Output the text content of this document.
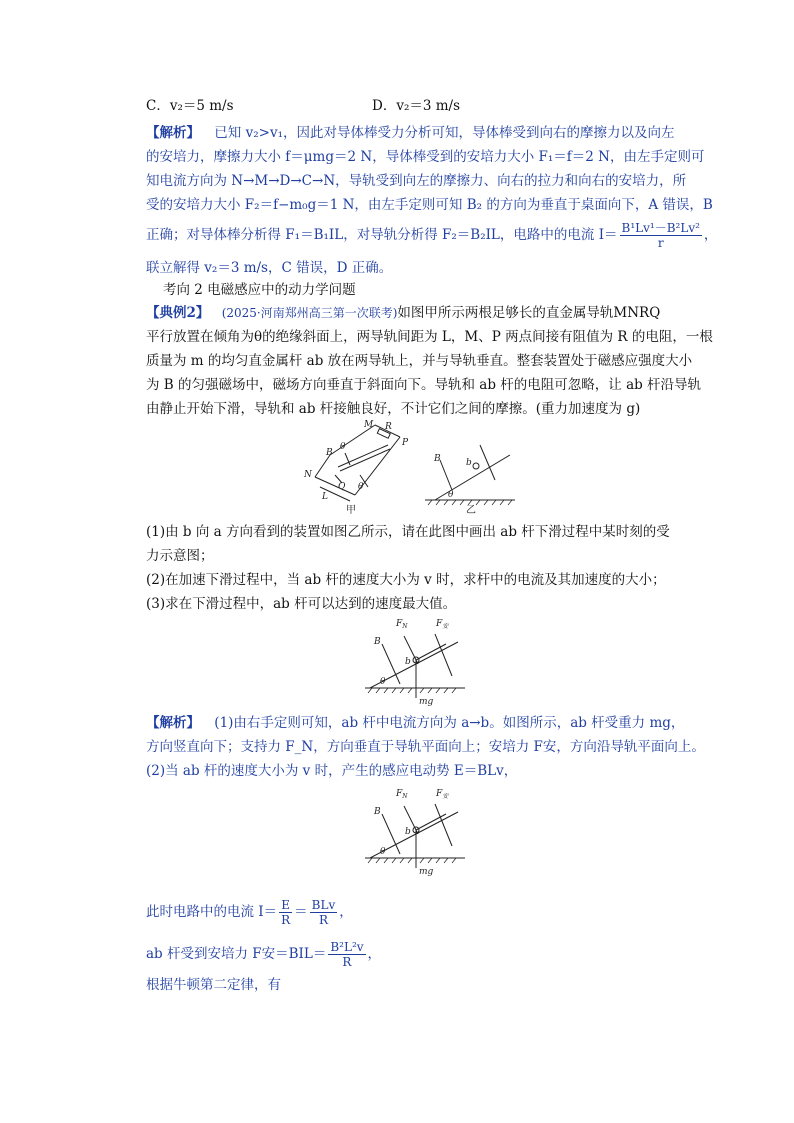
C．v₂＝5 m/s	D．v₂＝3 m/s
【解析】 已知 v₂>v₁，因此对导体棒受力分析可知，导体棒受到向右的摩擦力以及向左
的安培力，摩擦力大小 f＝μmg＝2 N，导体棒受到的安培力大小 F₁＝f＝2 N，由左手定则可
知电流方向为 N→M→D→C→N，导轨受到向左的摩擦力、向右的拉力和向右的安培力，所
受的安培力大小 F₂＝f−m₀g＝1 N，由左手定则可知 B₂ 的方向为垂直于桌面向下，A 错误，B
正确；对导体棒分析得 F₁＝B₁IL，对导轨分析得 F₂＝B₂IL，电路中的电流 $I= \frac{\text{B¹Lv¹－B²Lv²}}{r}$ ，
联立解得 v₂＝3 m/s，C 错误，D 正确。
考向 2 电磁感应中的动力学问题
【典例2】 (2025·河南郑州高三第一次联考)如图甲所示两根足够长的直金属导轨MNRQ
平行放置在倾角为θ的绝缘斜面上，两导轨间距为 L，M、P 两点间接有阻值为 R 的电阻，一根
质量为 m 的均匀直金属杆 ab 放在两导轨上，并与导轨垂直。整套装置处于磁感应强度大小
为 B 的匀强磁场中，磁场方向垂直于斜面向下。导轨和 ab 杆的电阻可忽略，让 ab 杆沿导轨
由静止开始下滑，导轨和 ab 杆接触良好，不计它们之间的摩擦。(重力加速度为 g)
M R
P
B
θ
N
L
Q θ
甲
B	b
θ
乙
(1)由 b 向 a 方向看到的装置如图乙所示，请在此图中画出 ab 杆下滑过程中某时刻的受
力示意图；
(2)在加速下滑过程中，当 ab 杆的速度大小为 v 时，求杆中的电流及其加速度的大小；
(3)求在下滑过程中，ab 杆可以达到的速度最大值。
$F_N$	$F_安$
B
b
θ
mg
【解析】 (1)由右手定则可知，ab 杆中电流方向为 a→b。如图所示，ab 杆受重力 mg，
方向竖直向下；支持力 F_N，方向垂直于导轨平面向上；安培力 F安，方向沿导轨平面向上。
(2)当 ab 杆的速度大小为 v 时，产生的感应电动势 E＝BLv，
$F_N$	$F_安$
B
b
θ
mg
此时电路中的电流 $I= \frac{E}{R} = \frac{\text{BLv}}{R}$ ，
ab 杆受到安培力 F安$=BIL= \frac{\text{B²L²v}}{R}$ ，
根据牛顿第二定律，有
